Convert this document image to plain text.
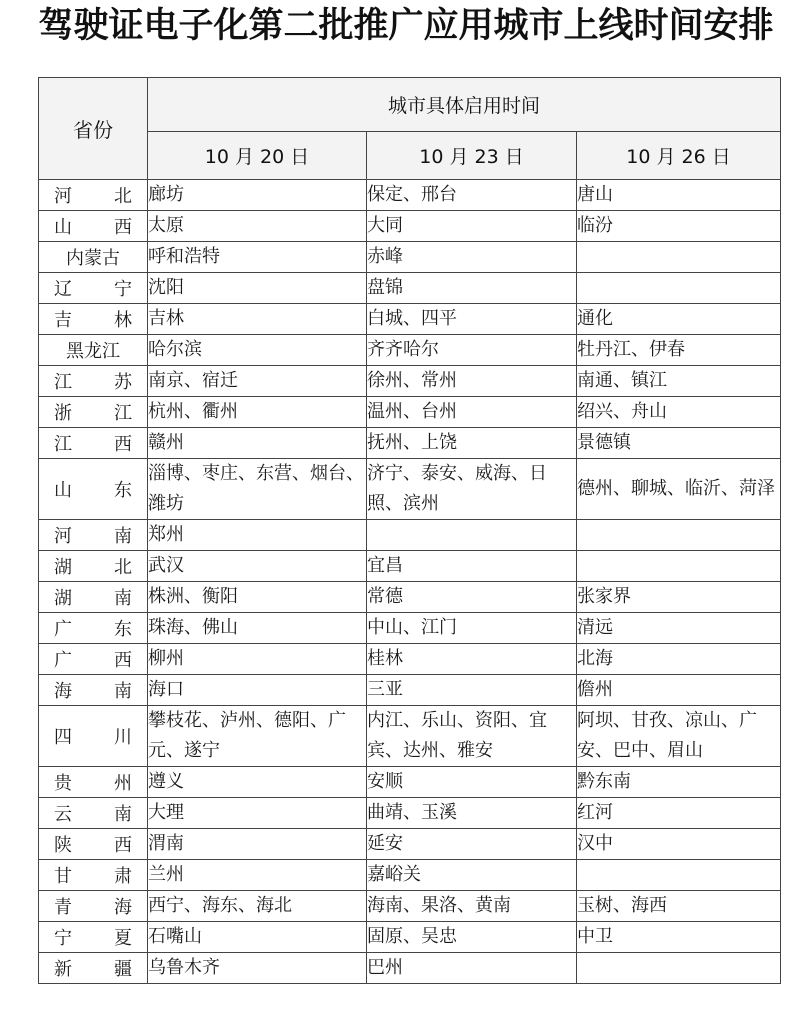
驾驶证电子化第二批推广应用城市上线时间安排
省份	城市具体启用时间		
	10 月 20 日	10 月 23 日	10 月 26 日
河北	廊坊	保定、邢台	唐山
山西	太原	大同	临汾
内蒙古	呼和浩特	赤峰	
辽宁	沈阳	盘锦	
吉林	吉林	白城、四平	通化
黑龙江	哈尔滨	齐齐哈尔	牡丹江、伊春
江苏	南京、宿迁	徐州、常州	南通、镇江
浙江	杭州、衢州	温州、台州	绍兴、舟山
江西	赣州	抚州、上饶	景德镇
山东	淄博、枣庄、东营、烟台、潍坊	济宁、泰安、威海、日照、滨州	德州、聊城、临沂、菏泽
河南	郑州		
湖北	武汉	宜昌	
湖南	株洲、衡阳	常德	张家界
广东	珠海、佛山	中山、江门	清远
广西	柳州	桂林	北海
海南	海口	三亚	儋州
四川	攀枝花、泸州、德阳、广元、遂宁	内江、乐山、资阳、宜宾、达州、雅安	阿坝、甘孜、凉山、广安、巴中、眉山
贵州	遵义	安顺	黔东南
云南	大理	曲靖、玉溪	红河
陕西	渭南	延安	汉中
甘肃	兰州	嘉峪关	
青海	西宁、海东、海北	海南、果洛、黄南	玉树、海西
宁夏	石嘴山	固原、吴忠	中卫
新疆	乌鲁木齐	巴州	
